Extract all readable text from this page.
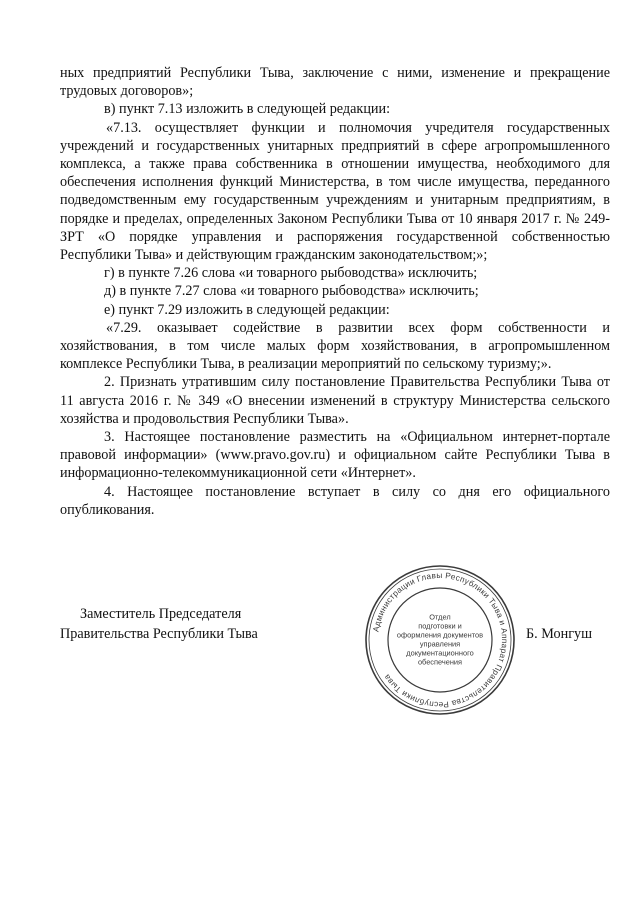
ных предприятий Республики Тыва, заключение с ними, изменение и прекращение трудовых договоров»;

в) пункт 7.13 изложить в следующей редакции:

«7.13. осуществляет функции и полномочия учредителя государственных учреждений и государственных унитарных предприятий в сфере агропромышленного комплекса, а также права собственника в отношении имущества, необходимого для обеспечения исполнения функций Министерства, в том числе имущества, переданного подведомственным ему государственным учреждениям и унитарным предприятиям, в порядке и пределах, определенных Законом Республики Тыва от 10 января 2017 г. № 249-ЗРТ «О порядке управления и распоряжения государственной собственностью Республики Тыва» и действующим гражданским законодательством;»;

г) в пункте 7.26 слова «и товарного рыбоводства» исключить;

д) в пункте 7.27 слова «и товарного рыбоводства» исключить;

е) пункт 7.29 изложить в следующей редакции:

«7.29. оказывает содействие в развитии всех форм собственности и хозяйствования, в том числе малых форм хозяйствования, в агропромышленном комплексе Республики Тыва, в реализации мероприятий по сельскому туризму;».

2. Признать утратившим силу постановление Правительства Республики Тыва от 11 августа 2016 г. № 349 «О внесении изменений в структуру Министерства сельского хозяйства и продовольствия Республики Тыва».

3. Настоящее постановление разместить на «Официальном интернет-портале правовой информации» (www.pravo.gov.ru) и официальном сайте Республики Тыва в информационно-телекоммуникационной сети «Интернет».

4. Настоящее постановление вступает в силу со дня его официального опубликования.

Заместитель Председателя
Правительства Республики Тыва	Администрации Главы Республики Тыва и Аппарат Правительства Республики Тыва
Отдел
подготовки и
оформления документов
управления
документационного
обеспечения
Б. Монгуш
